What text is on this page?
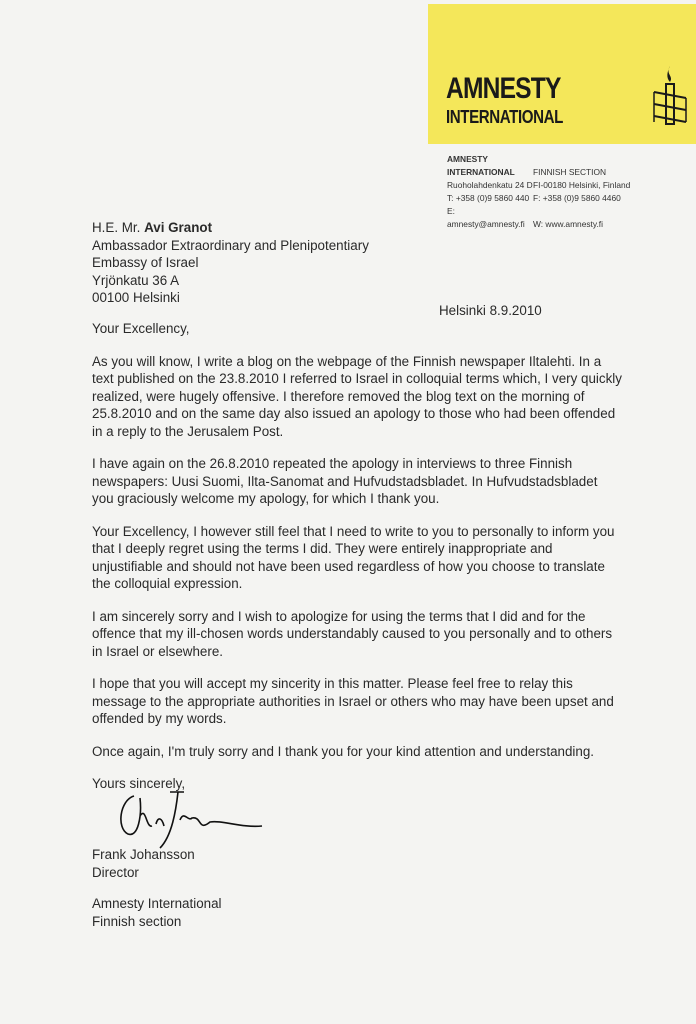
AMNESTY
INTERNATIONAL
AMNESTY INTERNATIONAL FINNISH SECTION
Ruoholahdenkatu 24 DFI-00180 Helsinki, Finland
T: +358 (0)9 5860 440 F: +358 (0)9 5860 4460
E: amnesty@amnesty.fi W: www.amnesty.fi
H.E. Mr. Avi Granot
Ambassador Extraordinary and Plenipotentiary
Embassy of Israel
Yrjönkatu 36 A
00100 Helsinki
Helsinki 8.9.2010

Your Excellency,

As you will know, I write a blog on the webpage of the Finnish newspaper Iltalehti. In a text published on the 23.8.2010 I referred to Israel in colloquial terms which, I very quickly realized, were hugely offensive. I therefore removed the blog text on the morning of 25.8.2010 and on the same day also issued an apology to those who had been offended in a reply to the Jerusalem Post.

I have again on the 26.8.2010 repeated the apology in interviews to three Finnish newspapers: Uusi Suomi, Ilta-Sanomat and Hufvudstadsbladet. In Hufvudstadsbladet you graciously welcome my apology, for which I thank you.

Your Excellency, I however still feel that I need to write to you to personally to inform you that I deeply regret using the terms I did. They were entirely inappropriate and unjustifiable and should not have been used regardless of how you choose to translate the colloquial expression.

I am sincerely sorry and I wish to apologize for using the terms that I did and for the offence that my ill-chosen words understandably caused to you personally and to others in Israel or elsewhere.

I hope that you will accept my sincerity in this matter. Please feel free to relay this message to the appropriate authorities in Israel or others who may have been upset and offended by my words.

Once again, I'm truly sorry and I thank you for your kind attention and understanding.

Yours sincerely,

Frank Johansson
Director
Amnesty International
Finnish section
